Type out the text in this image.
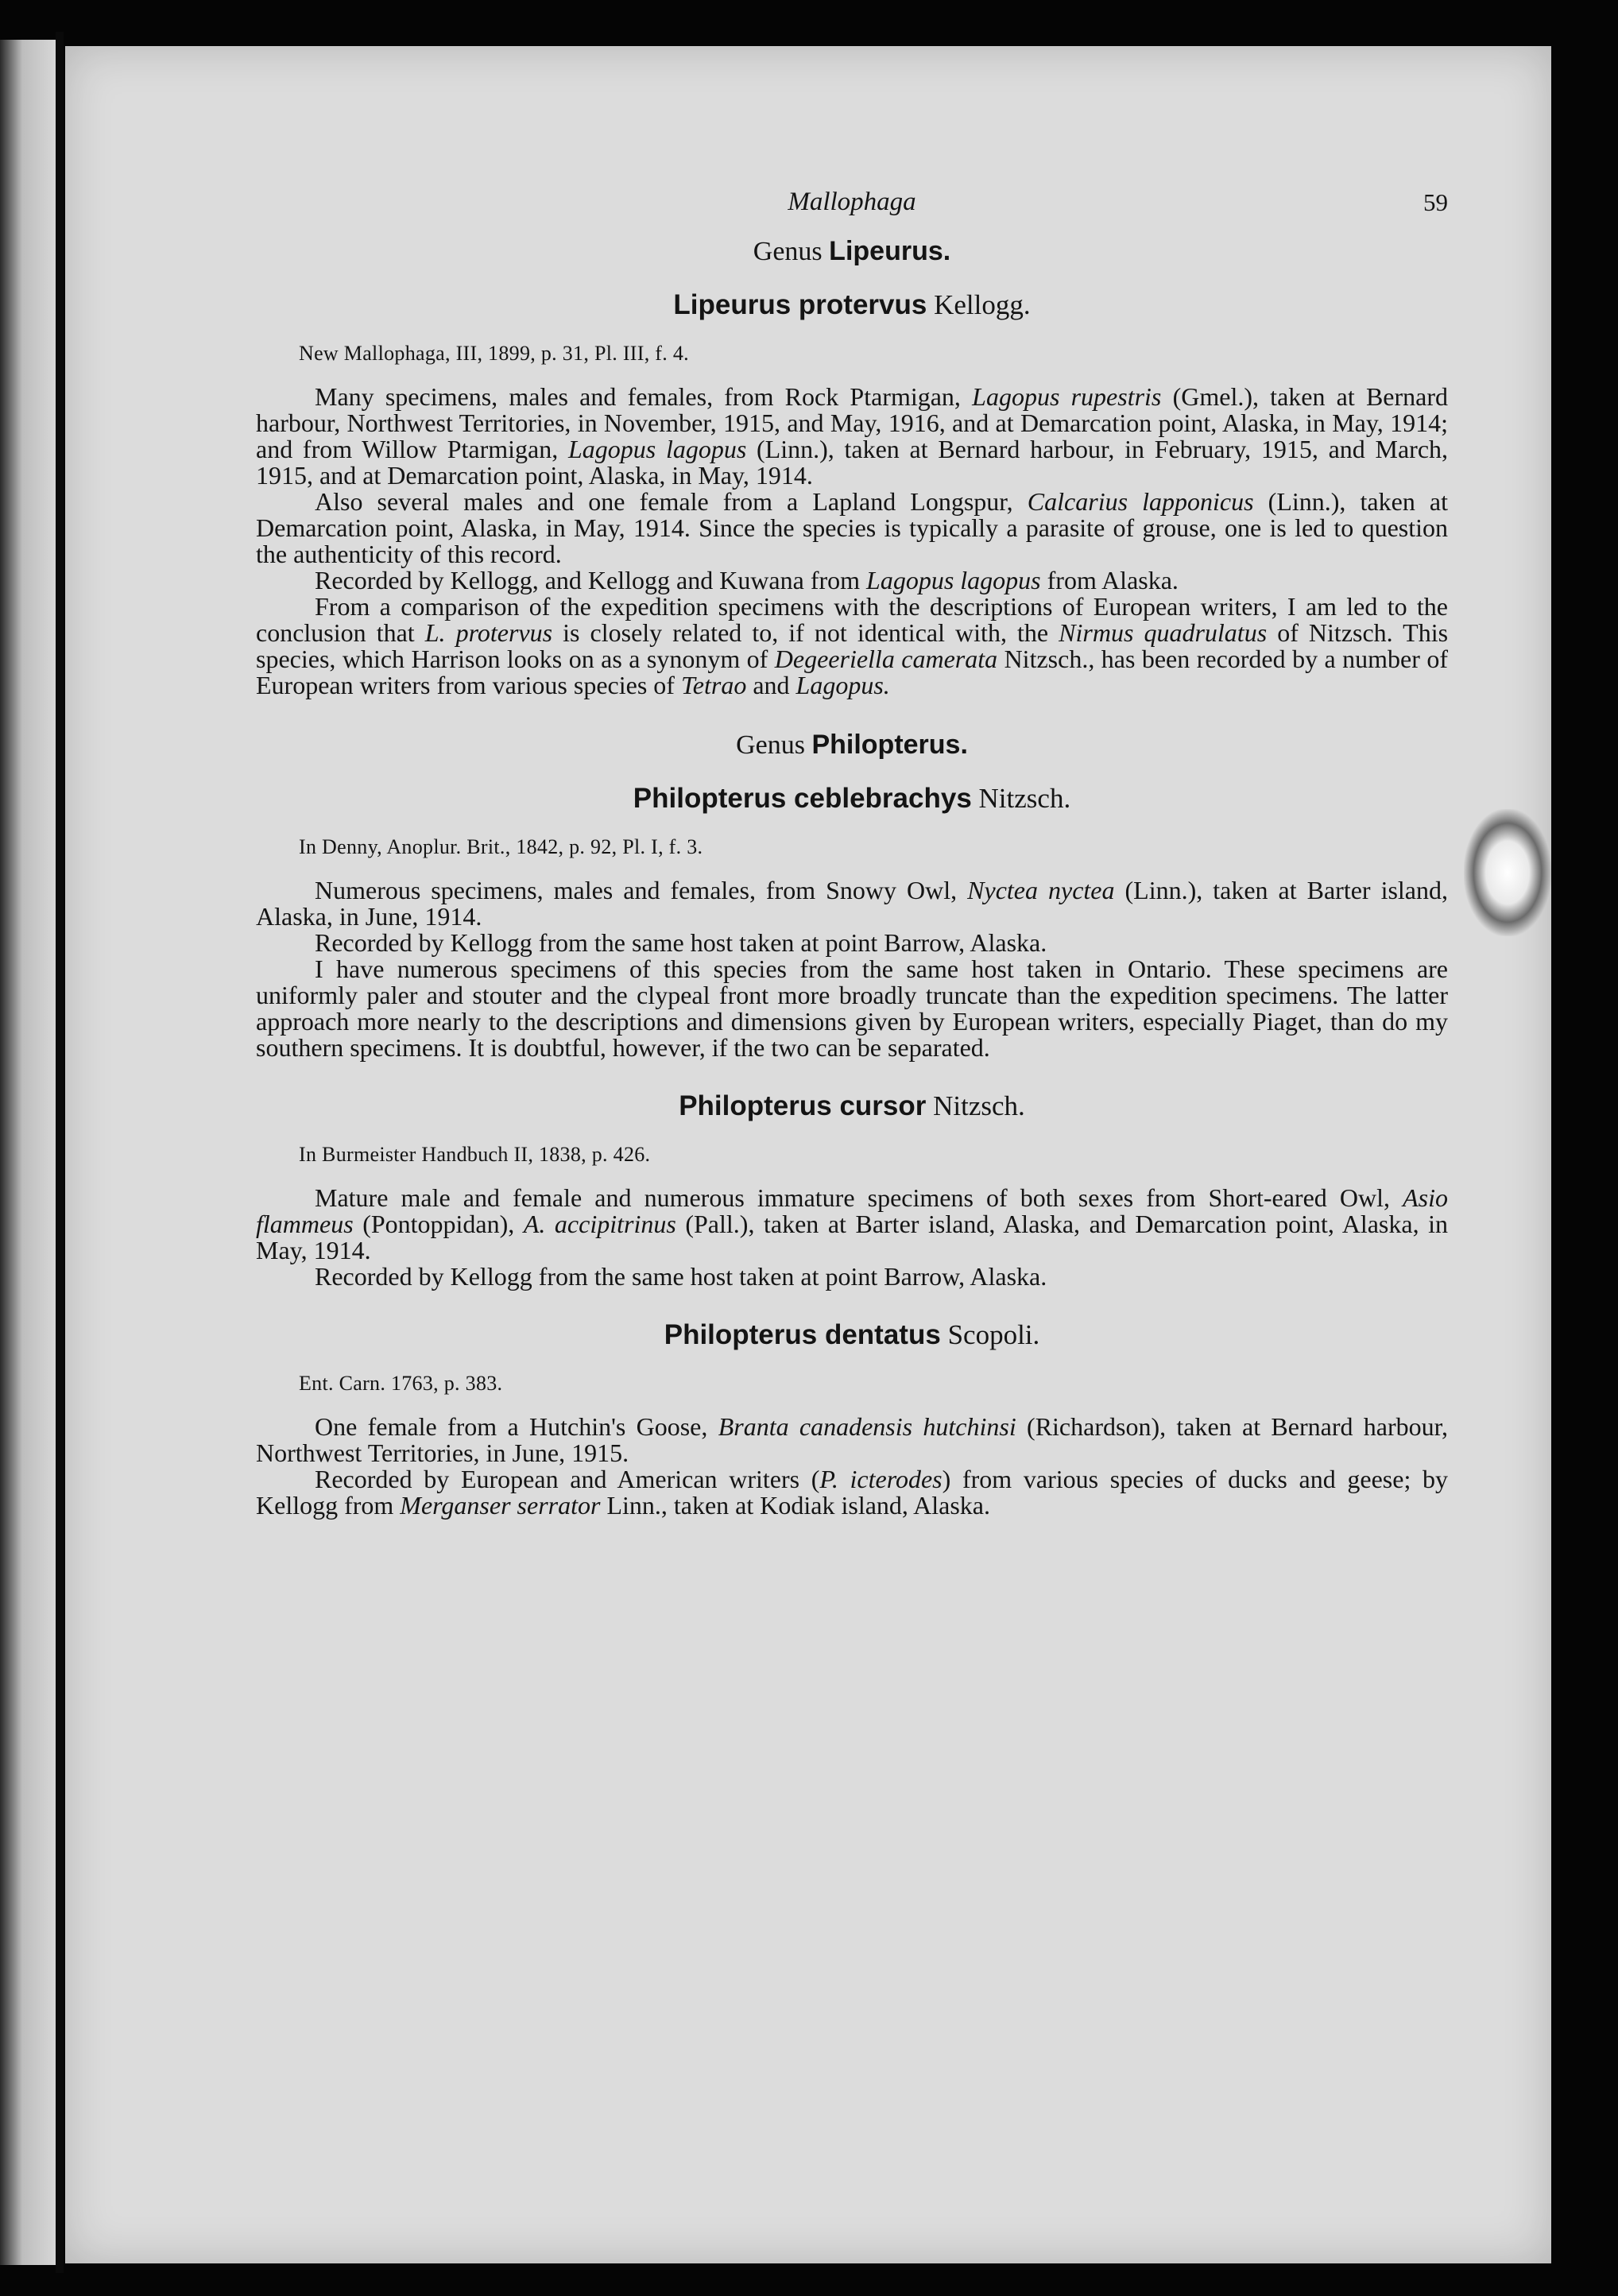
Mallophaga	59
Genus Lipeurus.
Lipeurus protervus Kellogg.
New Mallophaga, III, 1899, p. 31, Pl. III, f. 4.

Many specimens, males and females, from Rock Ptarmigan, Lagopus rupestris (Gmel.), taken at Bernard harbour, Northwest Territories, in November, 1915, and May, 1916, and at Demarcation point, Alaska, in May, 1914; and from Willow Ptarmigan, Lagopus lagopus (Linn.), taken at Bernard harbour, in February, 1915, and March, 1915, and at Demarcation point, Alaska, in May, 1914.

Also several males and one female from a Lapland Longspur, Calcarius lapponicus (Linn.), taken at Demarcation point, Alaska, in May, 1914. Since the species is typically a parasite of grouse, one is led to question the authenticity of this record.

Recorded by Kellogg, and Kellogg and Kuwana from Lagopus lagopus from Alaska.

From a comparison of the expedition specimens with the descriptions of European writers, I am led to the conclusion that L. protervus is closely related to, if not identical with, the Nirmus quadrulatus of Nitzsch. This species, which Harrison looks on as a synonym of Degeeriella camerata Nitzsch., has been recorded by a number of European writers from various species of Tetrao and Lagopus.

Genus Philopterus.
Philopterus ceblebrachys Nitzsch.
In Denny, Anoplur. Brit., 1842, p. 92, Pl. I, f. 3.

Numerous specimens, males and females, from Snowy Owl, Nyctea nyctea (Linn.), taken at Barter island, Alaska, in June, 1914.

Recorded by Kellogg from the same host taken at point Barrow, Alaska.

I have numerous specimens of this species from the same host taken in Ontario. These specimens are uniformly paler and stouter and the clypeal front more broadly truncate than the expedition specimens. The latter approach more nearly to the descriptions and dimensions given by European writers, especially Piaget, than do my southern specimens. It is doubtful, however, if the two can be separated.

Philopterus cursor Nitzsch.
In Burmeister Handbuch II, 1838, p. 426.

Mature male and female and numerous immature specimens of both sexes from Short-eared Owl, Asio flammeus (Pontoppidan), A. accipitrinus (Pall.), taken at Barter island, Alaska, and Demarcation point, Alaska, in May, 1914.

Recorded by Kellogg from the same host taken at point Barrow, Alaska.

Philopterus dentatus Scopoli.
Ent. Carn. 1763, p. 383.

One female from a Hutchin's Goose, Branta canadensis hutchinsi (Richardson), taken at Bernard harbour, Northwest Territories, in June, 1915.

Recorded by European and American writers (P. icterodes) from various species of ducks and geese; by Kellogg from Merganser serrator Linn., taken at Kodiak island, Alaska.
